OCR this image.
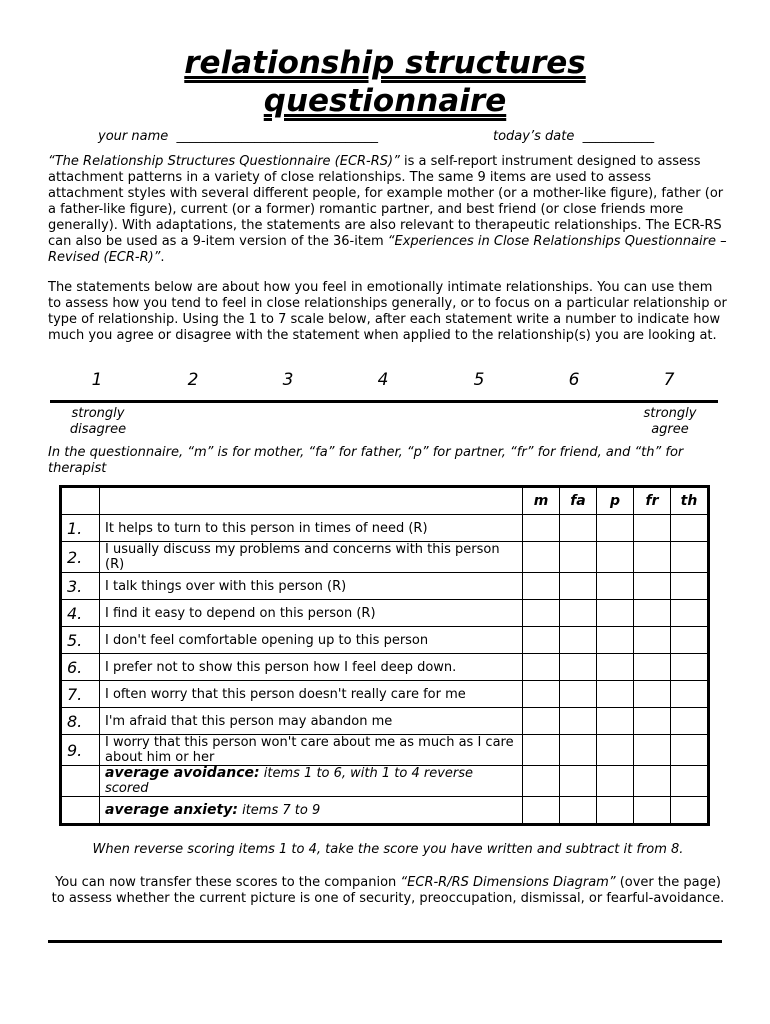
relationship structures
questionnaire
your name _______________________________	today’s date ___________
“The Relationship Structures Questionnaire (ECR-RS)” is a self-report instrument designed to assess attachment patterns in a variety of close relationships. The same 9 items are used to assess attachment styles with several different people, for example mother (or a mother-like figure), father (or a father-like figure), current (or a former) romantic partner, and best friend (or close friends more generally). With adaptations, the statements are also relevant to therapeutic relationships. The ECR-RS can also be used as a 9-item version of the 36-item “Experiences in Close Relationships Questionnaire – Revised (ECR-R)”.
The statements below are about how you feel in emotionally intimate relationships. You can use them to assess how you tend to feel in close relationships generally, or to focus on a particular relationship or type of relationship. Using the 1 to 7 scale below, after each statement write a number to indicate how much you agree or disagree with the statement when applied to the relationship(s) you are looking at.
1	2	3	4	5	6	7
strongly disagree
strongly agree
In the questionnaire, “m” is for mother, “fa” for father, “p” for partner, “fr” for friend, and “th” for therapist
		m	fa	p	fr	th
1.	It helps to turn to this person in times of need (R)					
2.	I usually discuss my problems and concerns with this person (R)					
3.	I talk things over with this person (R)					
4.	I find it easy to depend on this person (R)					
5.	I don't feel comfortable opening up to this person					
6.	I prefer not to show this person how I feel deep down.					
7.	I often worry that this person doesn't really care for me					
8.	I'm afraid that this person may abandon me					
9.	I worry that this person won't care about me as much as I care about him or her					
	average avoidance: items 1 to 6, with 1 to 4 reverse scored					
	average anxiety: items 7 to 9					
When reverse scoring items 1 to 4, take the score you have written and subtract it from 8.
You can now transfer these scores to the companion “ECR-R/RS Dimensions Diagram” (over the page) to assess whether the current picture is one of security, preoccupation, dismissal, or fearful-avoidance.
